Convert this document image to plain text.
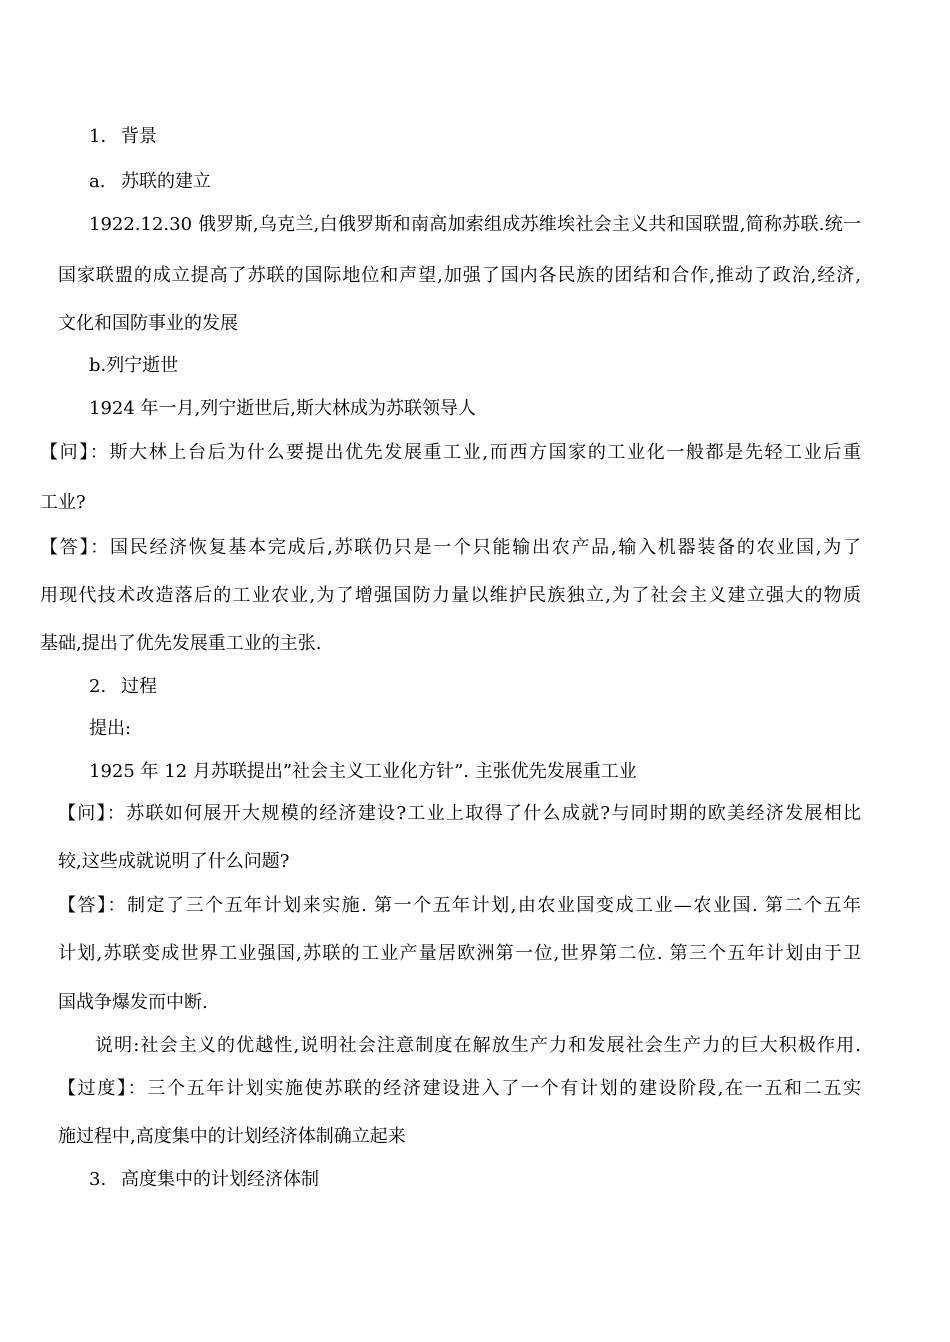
1. 背景
a. 苏联的建立
1922.12.30 俄罗斯,乌克兰,白俄罗斯和南高加索组成苏维埃社会主义共和国联盟,简称苏联.统一
国家联盟的成立提高了苏联的国际地位和声望,加强了国内各民族的团结和合作,推动了政治,经济,
文化和国防事业的发展
b.列宁逝世
1924 年一月,列宁逝世后,斯大林成为苏联领导人
【问】：斯大林上台后为什么要提出优先发展重工业,而西方国家的工业化一般都是先轻工业后重
工业?
【答】：国民经济恢复基本完成后,苏联仍只是一个只能输出农产品,输入机器装备的农业国,为了
用现代技术改造落后的工业农业,为了增强国防力量以维护民族独立,为了社会主义建立强大的物质
基础,提出了优先发展重工业的主张.
2. 过程
提出:
1925 年 12 月苏联提出”社会主义工业化方针”. 主张优先发展重工业
【问】：苏联如何展开大规模的经济建设?工业上取得了什么成就?与同时期的欧美经济发展相比
较,这些成就说明了什么问题?
【答】：制定了三个五年计划来实施. 第一个五年计划,由农业国变成工业—农业国. 第二个五年
计划,苏联变成世界工业强国,苏联的工业产量居欧洲第一位,世界第二位. 第三个五年计划由于卫
国战争爆发而中断.
说明:社会主义的优越性,说明社会注意制度在解放生产力和发展社会生产力的巨大积极作用.
【过度】：三个五年计划实施使苏联的经济建设进入了一个有计划的建设阶段,在一五和二五实
施过程中,高度集中的计划经济体制确立起来
3. 高度集中的计划经济体制
